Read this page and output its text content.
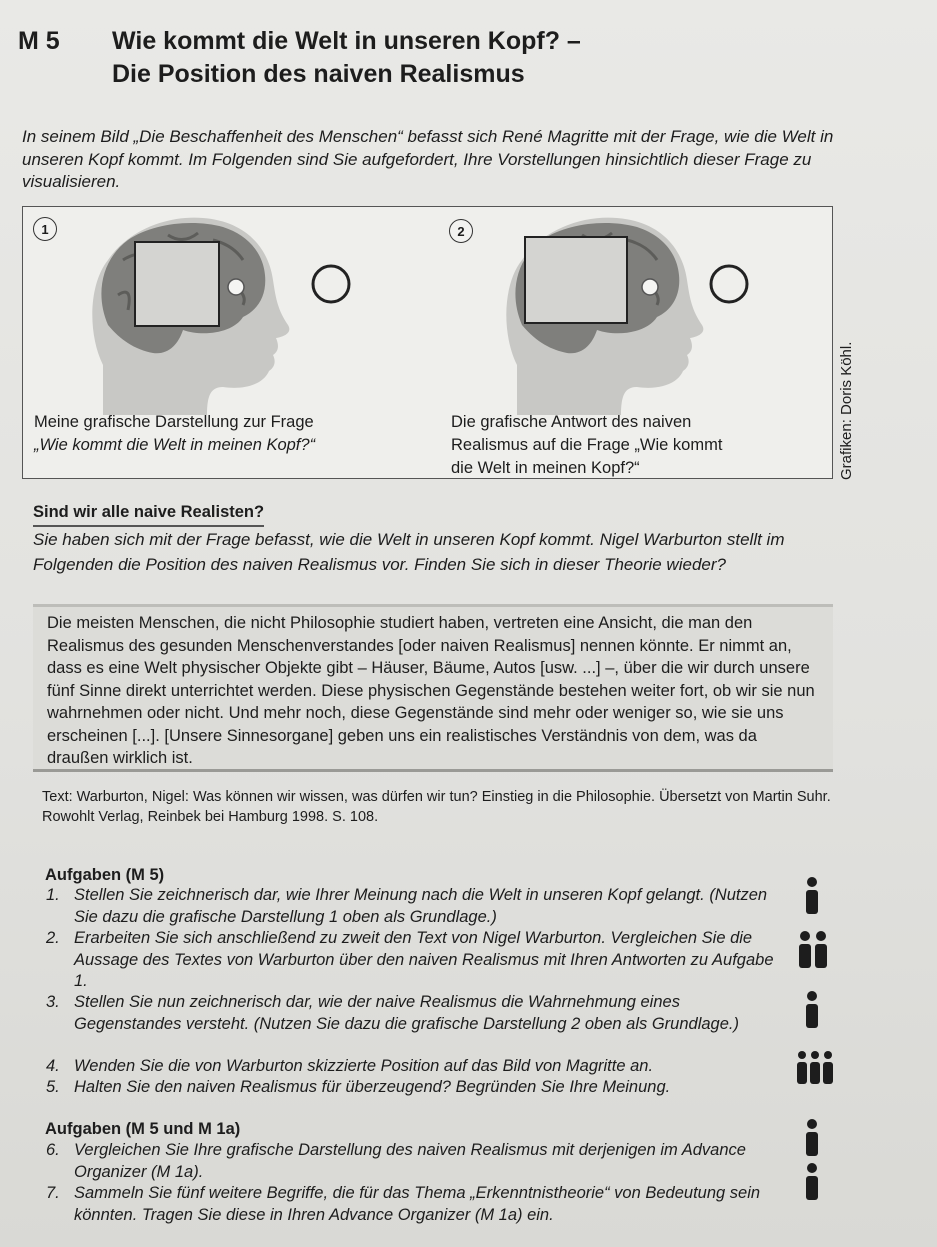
M 5 Wie kommt die Welt in unseren Kopf? –
Die Position des naiven Realismus
In seinem Bild „Die Beschaffenheit des Menschen“ befasst sich René Magritte mit der Frage, wie die Welt in unseren Kopf kommt. Im Folgenden sind Sie aufgefordert, Ihre Vorstellungen hinsichtlich dieser Frage zu visualisieren.
1
Meine grafische Darstellung zur Frage
„Wie kommt die Welt in meinen Kopf?“
2
Die grafische Antwort des naiven
Realismus auf die Frage „Wie kommt
die Welt in meinen Kopf?“	Grafiken: Doris Köhl.
Sind wir alle naive Realisten?
Sie haben sich mit der Frage befasst, wie die Welt in unseren Kopf kommt. Nigel Warburton stellt im Folgenden die Position des naiven Realismus vor. Finden Sie sich in dieser Theorie wieder?
Die meisten Menschen, die nicht Philosophie studiert haben, vertreten eine Ansicht, die man den Realismus des gesunden Menschenverstandes [oder naiven Realismus] nennen könnte. Er nimmt an, dass es eine Welt physischer Objekte gibt – Häuser, Bäume, Autos [usw. ...] –, über die wir durch unsere fünf Sinne direkt unterrichtet werden. Diese physischen Gegenstände bestehen weiter fort, ob wir sie nun wahrnehmen oder nicht. Und mehr noch, diese Gegenstände sind mehr oder weniger so, wie sie uns erscheinen [...]. [Unsere Sinnesorgane] geben uns ein realistisches Verständnis von dem, was da draußen wirklich ist.
Text: Warburton, Nigel: Was können wir wissen, was dürfen wir tun? Einstieg in die Philosophie. Übersetzt von Martin Suhr. Rowohlt Verlag, Reinbek bei Hamburg 1998. S. 108.
Aufgaben (M 5)
1. Stellen Sie zeichnerisch dar, wie Ihrer Meinung nach die Welt in unseren Kopf gelangt. (Nutzen Sie dazu die grafische Darstellung 1 oben als Grundlage.)
2. Erarbeiten Sie sich anschließend zu zweit den Text von Nigel Warburton. Vergleichen Sie die Aussage des Textes von Warburton über den naiven Realismus mit Ihren Antworten zu Aufgabe 1.
3. Stellen Sie nun zeichnerisch dar, wie der naive Realismus die Wahrnehmung eines Gegenstandes versteht. (Nutzen Sie dazu die grafische Darstellung 2 oben als Grundlage.)
4. Wenden Sie die von Warburton skizzierte Position auf das Bild von Magritte an.
5. Halten Sie den naiven Realismus für überzeugend? Begründen Sie Ihre Meinung.
Aufgaben (M 5 und M 1a)
6. Vergleichen Sie Ihre grafische Darstellung des naiven Realismus mit derjenigen im Advance Organizer (M 1a).
7. Sammeln Sie fünf weitere Begriffe, die für das Thema „Erkenntnistheorie“ von Bedeutung sein könnten. Tragen Sie diese in Ihren Advance Organizer (M 1a) ein.
